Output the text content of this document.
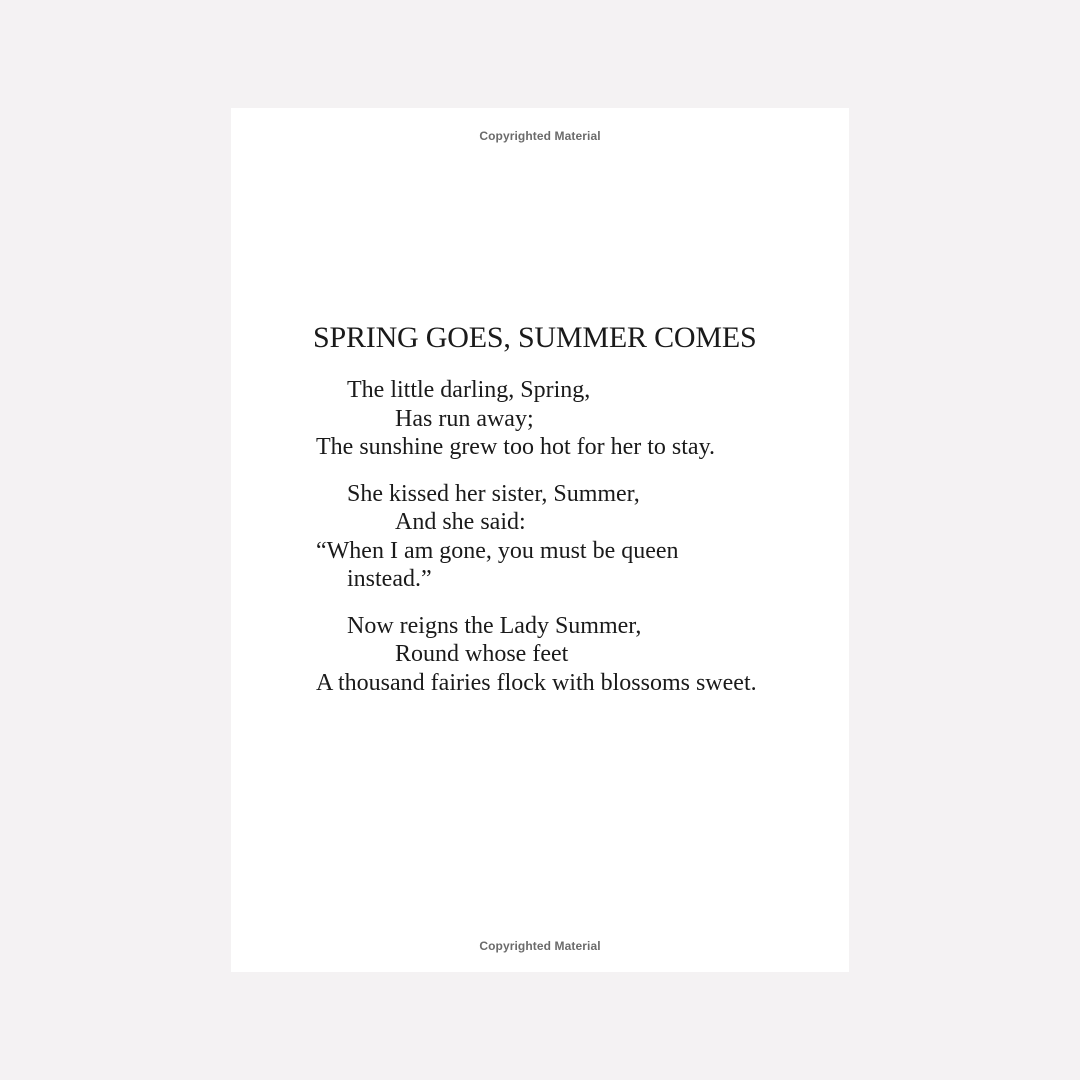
Copyrighted Material
SPRING GOES, SUMMER COMES
The little darling, Spring,
Has run away;
The sunshine grew too hot for her to stay.
She kissed her sister, Summer,
And she said:
“When I am gone, you must be queen
instead.”
Now reigns the Lady Summer,
Round whose feet
A thousand fairies flock with blossoms sweet.
Copyrighted Material
